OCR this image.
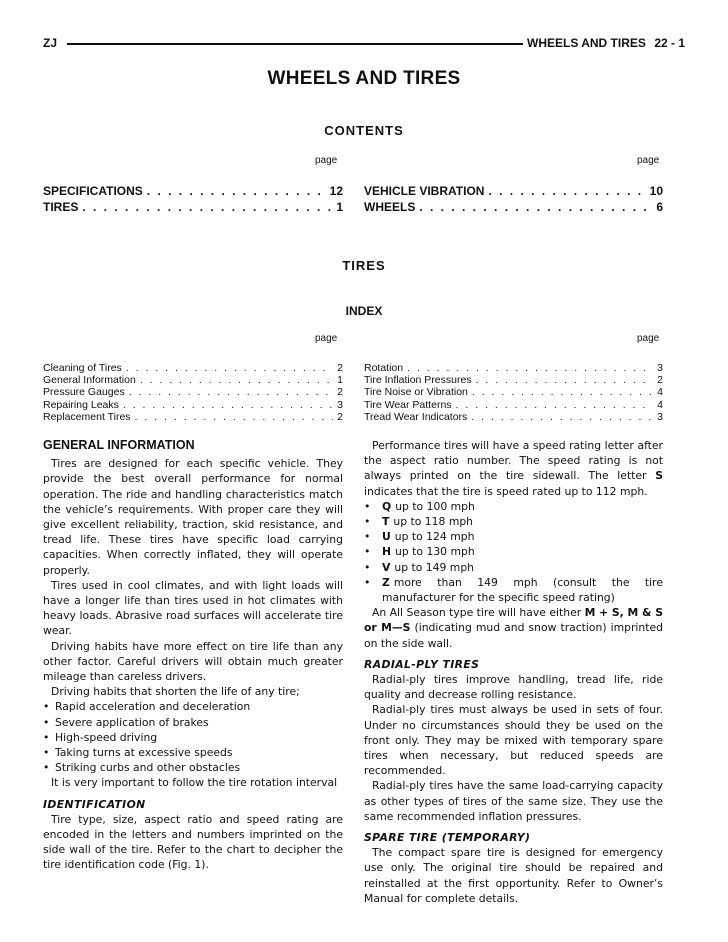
ZJ	WHEELS AND TIRES 22 - 1
WHEELS AND TIRES
CONTENTS
page	page
SPECIFICATIONS . . .	12
TIRES . . .	1
VEHICLE VIBRATION . . .	10
WHEELS . . .	6
TIRES
INDEX
page	page
Cleaning of Tires . . .	2
General Information . . .	1
Pressure Gauges . . .	2
Repairing Leaks . . .	3
Replacement Tires . . .	2
Rotation . . .	3
Tire Inflation Pressures . . .	2
Tire Noise or Vibration . . .	4
Tire Wear Patterns . . .	4
Tread Wear Indicators . . .	3
GENERAL INFORMATION

Tires are designed for each specific vehicle. They provide the best overall performance for normal operation. The ride and handling characteristics match the vehicle’s requirements. With proper care they will give excellent reliability, traction, skid resistance, and tread life. These tires have specific load carrying capacities. When correctly inflated, they will operate properly.

Tires used in cool climates, and with light loads will have a longer life than tires used in hot climates with heavy loads. Abrasive road surfaces will accelerate tire wear.

Driving habits have more effect on tire life than any other factor. Careful drivers will obtain much greater mileage than careless drivers.

Driving habits that shorten the life of any tire;

• Rapid acceleration and deceleration
• Severe application of brakes
• High-speed driving
• Taking turns at excessive speeds
• Striking curbs and other obstacles

It is very important to follow the tire rotation interval

IDENTIFICATION

Tire type, size, aspect ratio and speed rating are encoded in the letters and numbers imprinted on the side wall of the tire. Refer to the chart to decipher the tire identification code (Fig. 1).

Performance tires will have a speed rating letter after the aspect ratio number. The speed rating is not always printed on the tire sidewall. The letter S indicates that the tire is speed rated up to 112 mph.

•	Q up to 100 mph
•	T up to 118 mph
•	U up to 124 mph
•	H up to 130 mph
•	V up to 149 mph
•	Z more than 149 mph (consult the tire manufacturer for the specific speed rating)

An All Season type tire will have either M + S, M & S or M—S (indicating mud and snow traction) imprinted on the side wall.

RADIAL-PLY TIRES

Radial-ply tires improve handling, tread life, ride quality and decrease rolling resistance.

Radial-ply tires must always be used in sets of four. Under no circumstances should they be used on the front only. They may be mixed with temporary spare tires when necessary, but reduced speeds are recommended.

Radial-ply tires have the same load-carrying capacity as other types of tires of the same size. They use the same recommended inflation pressures.

SPARE TIRE (TEMPORARY)

The compact spare tire is designed for emergency use only. The original tire should be repaired and reinstalled at the first opportunity. Refer to Owner’s Manual for complete details.
